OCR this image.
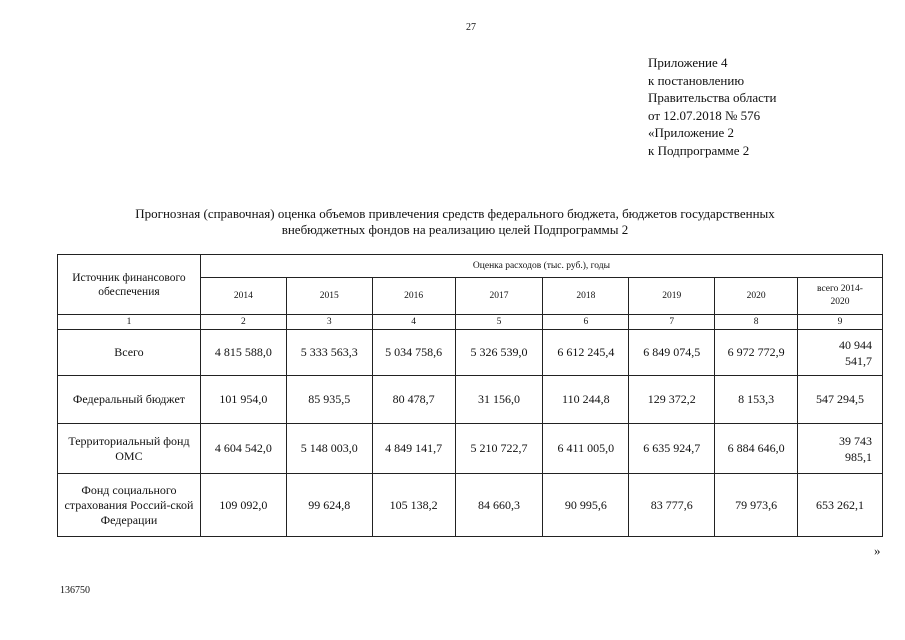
27
Приложение 4
к постановлению
Правительства области
от 12.07.2018 № 576
«Приложение 2
к Подпрограмме 2
Прогнозная (справочная) оценка объемов привлечения средств федерального бюджета, бюджетов государственных
внебюджетных фондов на реализацию целей Подпрограммы 2
Источник финансового обеспечения	Оценка расходов (тыс. руб.), годы							
	2014	2015	2016	2017	2018	2019	2020	всего 2014-2020
1	2	3	4	5	6	7	8	9
Всего	4 815 588,0	5 333 563,3	5 034 758,6	5 326 539,0	6 612 245,4	6 849 074,5	6 972 772,9	40 944 541,7
Федеральный бюджет	101 954,0	85 935,5	80 478,7	31 156,0	110 244,8	129 372,2	8 153,3	547 294,5
Территориальный фонд ОМС	4 604 542,0	5 148 003,0	4 849 141,7	5 210 722,7	6 411 005,0	6 635 924,7	6 884 646,0	39 743 985,1
Фонд социального страхования Россий-ской Федерации	109 092,0	99 624,8	105 138,2	84 660,3	90 995,6	83 777,6	79 973,6	653 262,1
»
136750
